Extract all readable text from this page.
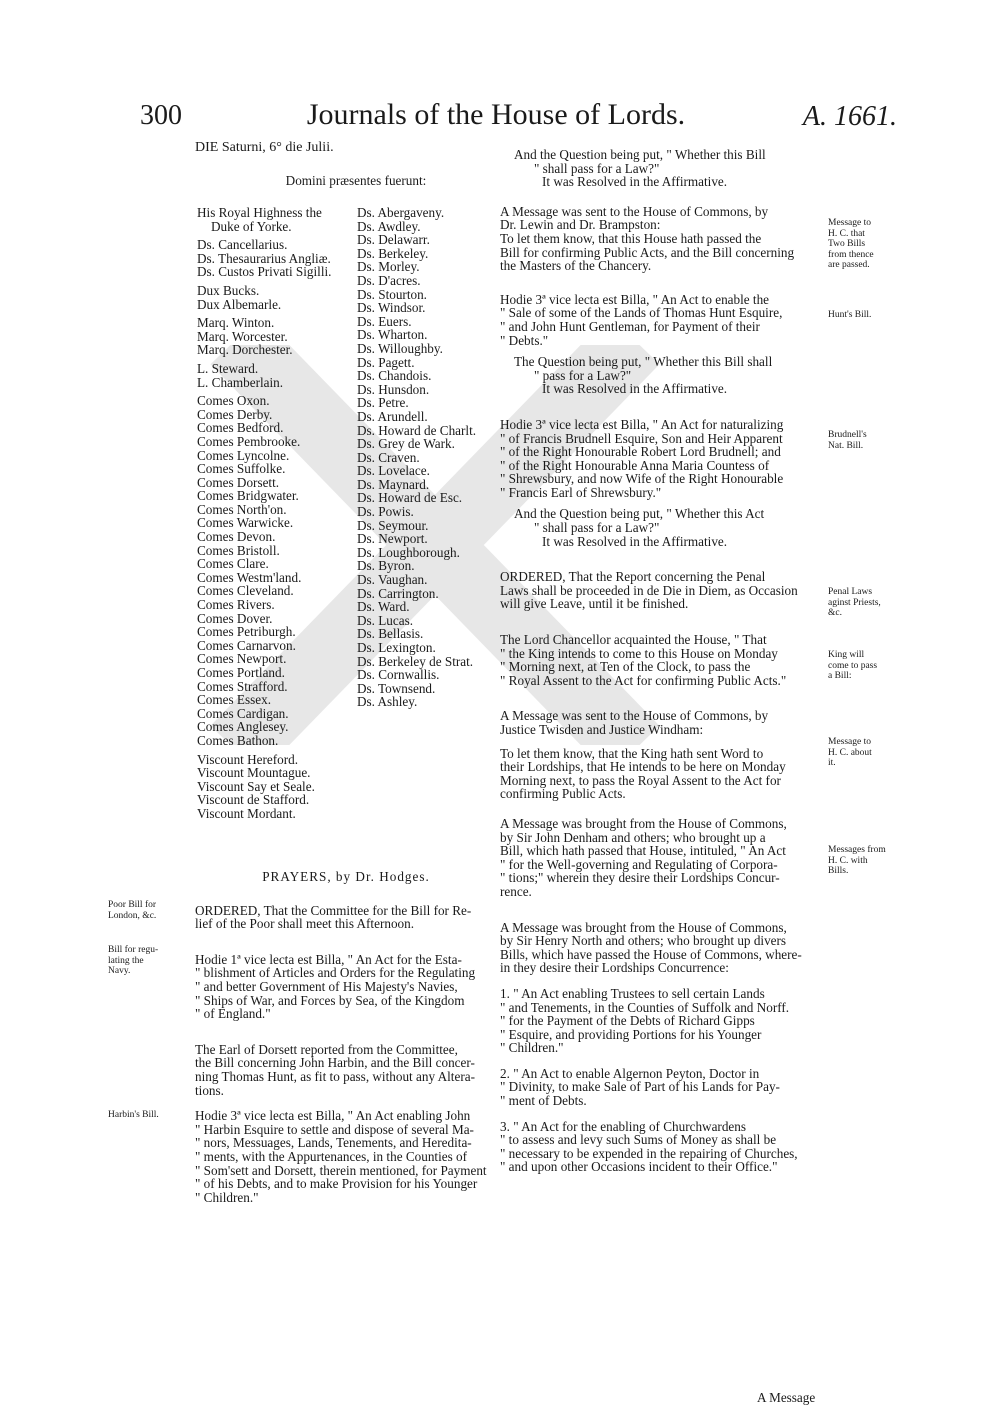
300	Journals of the House of Lords.	A. 1661.
DIE Saturni, 6° die Julii.
Domini præsentes fuerunt:
His Royal Highness the
Duke of Yorke.
Ds. Cancellarius.
Ds. Thesaurarius Angliæ.
Ds. Custos Privati Sigilli.
Dux Bucks.
Dux Albemarle.
Marq. Winton.
Marq. Worcester.
Marq. Dorchester.
L. Steward.
L. Chamberlain.
Comes Oxon.
Comes Derby.
Comes Bedford.
Comes Pembrooke.
Comes Lyncolne.
Comes Suffolke.
Comes Dorsett.
Comes Bridgwater.
Comes North'on.
Comes Warwicke.
Comes Devon.
Comes Bristoll.
Comes Clare.
Comes Westm'land.
Comes Cleveland.
Comes Rivers.
Comes Dover.
Comes Petriburgh.
Comes Carnarvon.
Comes Newport.
Comes Portland.
Comes Strafford.
Comes Essex.
Comes Cardigan.
Comes Anglesey.
Comes Bathon.
Viscount Hereford.
Viscount Mountague.
Viscount Say et Seale.
Viscount de Stafford.
Viscount Mordant.
Ds. Abergaveny.
Ds. Awdley.
Ds. Delawarr.
Ds. Berkeley.
Ds. Morley.
Ds. D'acres.
Ds. Stourton.
Ds. Windsor.
Ds. Euers.
Ds. Wharton.
Ds. Willoughby.
Ds. Pagett.
Ds. Chandois.
Ds. Hunsdon.
Ds. Petre.
Ds. Arundell.
Ds. Howard de Charlt.
Ds. Grey de Wark.
Ds. Craven.
Ds. Lovelace.
Ds. Maynard.
Ds. Howard de Esc.
Ds. Powis.
Ds. Seymour.
Ds. Newport.
Ds. Loughborough.
Ds. Byron.
Ds. Vaughan.
Ds. Carrington.
Ds. Ward.
Ds. Lucas.
Ds. Bellasis.
Ds. Lexington.
Ds. Berkeley de Strat.
Ds. Cornwallis.
Ds. Townsend.
Ds. Ashley.
PRAYERS, by Dr. Hodges.
ORDERED, That the Committee for the Bill for Re-
lief of the Poor shall meet this Afternoon.
Hodie 1ª vice lecta est Billa, " An Act for the Esta-
" blishment of Articles and Orders for the Regulating
" and better Government of His Majesty's Navies,
" Ships of War, and Forces by Sea, of the Kingdom
" of England."
The Earl of Dorsett reported from the Committee,
the Bill concerning John Harbin, and the Bill concer-
ning Thomas Hunt, as fit to pass, without any Altera-
tions.
Hodie 3ª vice lecta est Billa, " An Act enabling John
" Harbin Esquire to settle and dispose of several Ma-
" nors, Messuages, Lands, Tenements, and Heredita-
" ments, with the Appurtenances, in the Counties of
" Som'sett and Dorsett, therein mentioned, for Payment
" of his Debts, and to make Provision for his Younger
" Children."
And the Question being put, " Whether this Bill
" shall pass for a Law?"
It was Resolved in the Affirmative.
A Message was sent to the House of Commons, by
Dr. Lewin and Dr. Brampston:
To let them know, that this House hath passed the
Bill for confirming Public Acts, and the Bill concerning
the Masters of the Chancery.
Hodie 3ª vice lecta est Billa, " An Act to enable the
" Sale of some of the Lands of Thomas Hunt Esquire,
" and John Hunt Gentleman, for Payment of their
" Debts."
The Question being put, " Whether this Bill shall
" pass for a Law?"
It was Resolved in the Affirmative.
Hodie 3ª vice lecta est Billa, " An Act for naturalizing
" of Francis Brudnell Esquire, Son and Heir Apparent
" of the Right Honourable Robert Lord Brudnell; and
" of the Right Honourable Anna Maria Countess of
" Shrewsbury, and now Wife of the Right Honourable
" Francis Earl of Shrewsbury."
And the Question being put, " Whether this Act
" shall pass for a Law?"
It was Resolved in the Affirmative.
ORDERED, That the Report concerning the Penal
Laws shall be proceeded in de Die in Diem, as Occasion
will give Leave, until it be finished.
The Lord Chancellor acquainted the House, " That
" the King intends to come to this House on Monday
" Morning next, at Ten of the Clock, to pass the
" Royal Assent to the Act for confirming Public Acts."
A Message was sent to the House of Commons, by
Justice Twisden and Justice Windham:
To let them know, that the King hath sent Word to
their Lordships, that He intends to be here on Monday
Morning next, to pass the Royal Assent to the Act for
confirming Public Acts.
A Message was brought from the House of Commons,
by Sir John Denham and others; who brought up a
Bill, which hath passed that House, intituled, " An Act
" for the Well-governing and Regulating of Corpora-
" tions;" wherein they desire their Lordships Concur-
rence.
A Message was brought from the House of Commons,
by Sir Henry North and others; who brought up divers
Bills, which have passed the House of Commons, where-
in they desire their Lordships Concurrence:
1. " An Act enabling Trustees to sell certain Lands
" and Tenements, in the Counties of Suffolk and Norff.
" for the Payment of the Debts of Richard Gipps
" Esquire, and providing Portions for his Younger
" Children."
2. " An Act to enable Algernon Peyton, Doctor in
" Divinity, to make Sale of Part of his Lands for Pay-
" ment of Debts.
3. " An Act for the enabling of Churchwardens
" to assess and levy such Sums of Money as shall be
" necessary to be expended in the repairing of Churches,
" and upon other Occasions incident to their Office."
A Message
Poor Bill for
London, &c.
Bill for regu-
lating the
Navy.
Harbin's Bill.
Message to
H. C. that
Two Bills
from thence
are passed.
Hunt's Bill.
Brudnell's
Nat. Bill.
Penal Laws
aginst Priests,
&c.
King will
come to pass
a Bill:
Message to
H. C. about
it.
Messages from
H. C. with
Bills.
